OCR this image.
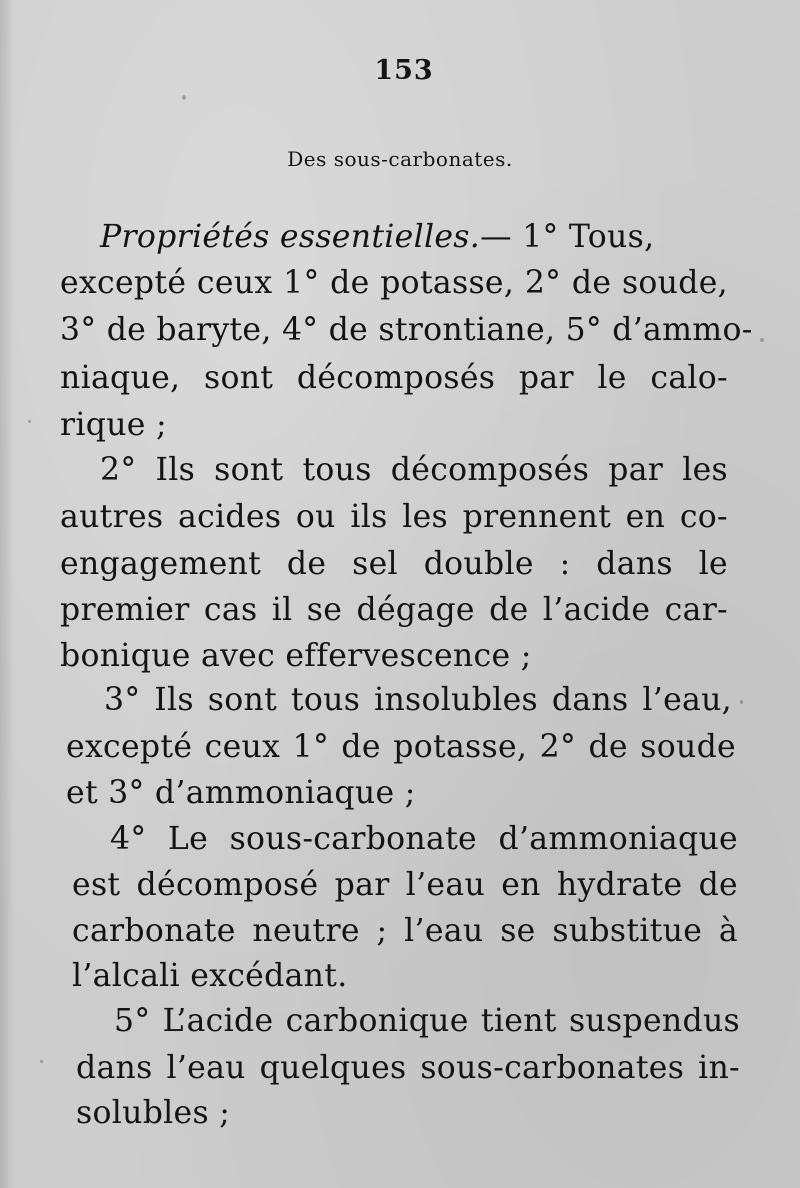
153
Des sous-carbonates.
Propriétés essentielles.— 1° Tous,
excepté ceux 1° de potasse, 2° de soude,
3° de baryte, 4° de strontiane, 5° d’ammo-
niaque, sont décomposés par le calo-
rique ;
2° Ils sont tous décomposés par les
autres acides ou ils les prennent en co-
engagement de sel double : dans le
premier cas il se dégage de l’acide car-
bonique avec effervescence ;
3° Ils sont tous insolubles dans l’eau,
excepté ceux 1° de potasse, 2° de soude
et 3° d’ammoniaque ;
4° Le sous-carbonate d’ammoniaque
est décomposé par l’eau en hydrate de
carbonate neutre ; l’eau se substitue à
l’alcali excédant.
5° L’acide carbonique tient suspendus
dans l’eau quelques sous-carbonates in-
solubles ;
